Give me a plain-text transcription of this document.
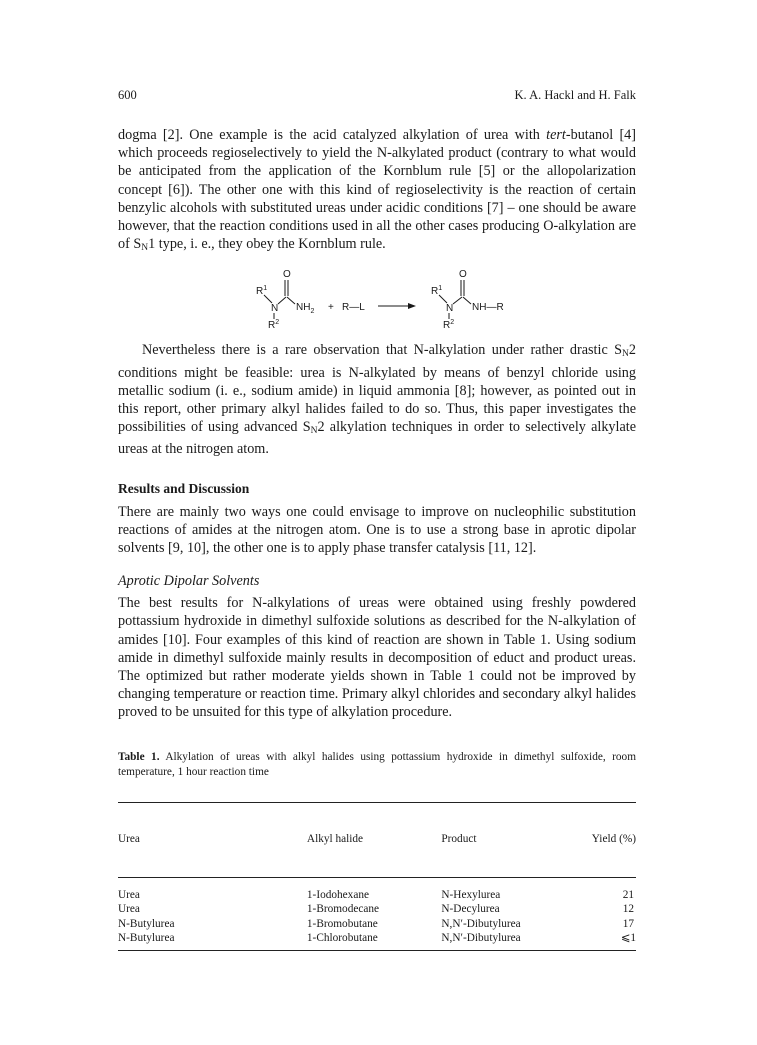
600	K. A. Hackl and H. Falk

dogma [2]. One example is the acid catalyzed alkylation of urea with tert-butanol [4] which proceeds regioselectively to yield the N-alkylated product (contrary to what would be anticipated from the application of the Kornblum rule [5] or the allopolarization concept [6]). The other one with this kind of regioselectivity is the reaction of certain benzylic alcohols with substituted ureas under acidic conditions [7] – one should be aware however, that the reaction conditions used in all the other cases producing O-alkylation are of $S_N1$ type, i. e., they obey the Kornblum rule.

O
$R^1$
N $NH_2$
$R^2$
+ R—L
O
$R^1$
N NH—R
$R^2$

Nevertheless there is a rare observation that N-alkylation under rather drastic $S_N2$ conditions might be feasible: urea is N-alkylated by means of benzyl chloride using metallic sodium (i. e., sodium amide) in liquid ammonia [8]; however, as pointed out in this report, other primary alkyl halides failed to do so. Thus, this paper investigates the possibilities of using advanced $S_N2$ alkylation techniques in order to selectively alkylate ureas at the nitrogen atom.

Results and Discussion

There are mainly two ways one could envisage to improve on nucleophilic substitution reactions of amides at the nitrogen atom. One is to use a strong base in aprotic dipolar solvents [9, 10], the other one is to apply phase transfer catalysis [11, 12].

Aprotic Dipolar Solvents

The best results for N-alkylations of ureas were obtained using freshly powdered pottassium hydroxide in dimethyl sulfoxide solutions as described for the N-alkylation of amides [10]. Four examples of this kind of reaction are shown in Table 1. Using sodium amide in dimethyl sulfoxide mainly results in decomposition of educt and product ureas. The optimized but rather moderate yields shown in Table 1 could not be improved by changing temperature or reaction time. Primary alkyl chlorides and secondary alkyl halides proved to be unsuited for this type of alkylation procedure.

Table 1. Alkylation of ureas with alkyl halides using pottassium hydroxide in dimethyl sulfoxide, room temperature, 1 hour reaction time
Urea	Alkyl halide	Product	Yield (%)
Urea	1-Iodohexane	N-Hexylurea	21
Urea	1-Bromodecane	N-Decylurea	12
N-Butylurea	1-Bromobutane	N,N′-Dibutylurea	17
N-Butylurea	1-Chlorobutane	N,N′-Dibutylurea	⩽1
